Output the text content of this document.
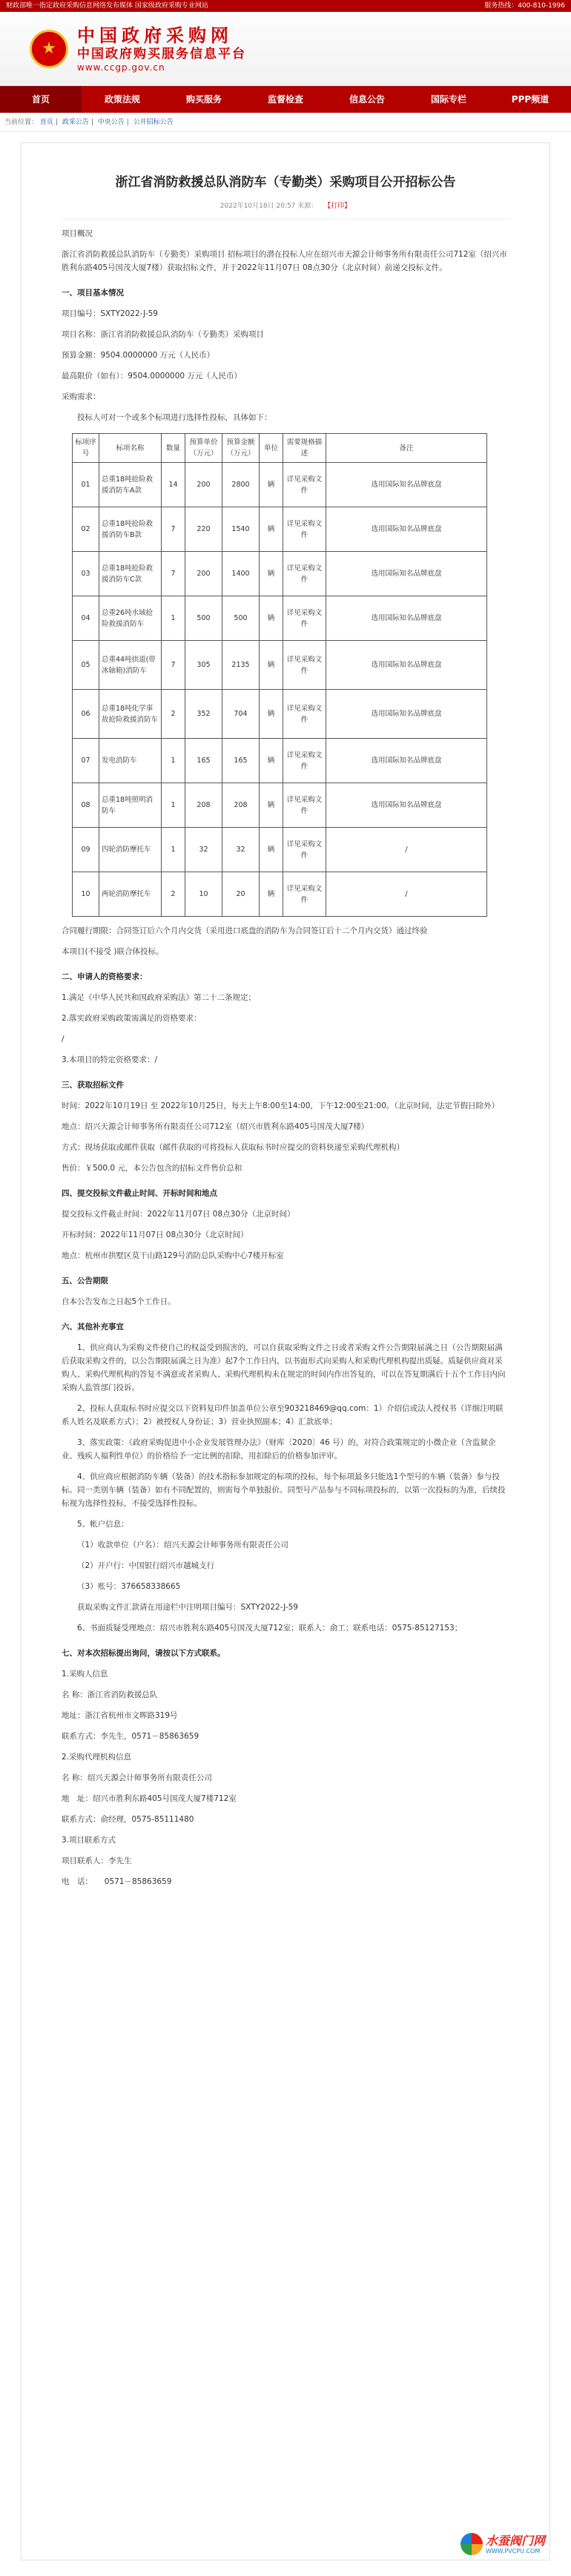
财政部唯一指定政府采购信息网络发布媒体 国家级政府采购专业网站	服务热线：400-810-1996
★
中国政府采购网
中国政府购买服务信息平台
www.ccgp.gov.cn
首页	政策法规	购买服务	监督检查	信息公告	国际专栏	PPP频道
当前位置： 首页 | 政采公告 | 中央公告 | 公开招标公告
浙江省消防救援总队消防车（专勤类）采购项目公开招标公告
2022年10月18日 20:57 来源： 【打印】

项目概况

浙江省消防救援总队消防车（专勤类）采购项目 招标项目的潜在投标人应在绍兴市天源会计师事务所有限责任公司712室（绍兴市胜利东路405号国茂大厦7楼）获取招标文件，并于2022年11月07日 08点30分（北京时间）前递交投标文件。

一、项目基本情况

项目编号：SXTY2022-J-59

项目名称：浙江省消防救援总队消防车（专勤类）采购项目

预算金额：9504.0000000 万元（人民币）

最高限价（如有）：9504.0000000 万元（人民币）

采购需求：

投标人可对一个或多个标项进行选择性投标，具体如下：

标项序号	标项名称	数量	预算单价（万元）	预算金额（万元）	单位	需要规格描述	备注
01	总重18吨抢险救援消防车A款	14	200	2800	辆	详见采购文件	选用国际知名品牌底盘
02	总重18吨抢险救援消防车B款	7	220	1540	辆	详见采购文件	选用国际知名品牌底盘
03	总重18吨抢险救援消防车C款	7	200	1400	辆	详见采购文件	选用国际知名品牌底盘
04	总重26吨水域抢险救援消防车	1	500	500	辆	详见采购文件	选用国际知名品牌底盘
05	总重44吨拱道(带冰轴箱)消防车	7	305	2135	辆	详见采购文件	选用国际知名品牌底盘
06	总重18吨化学事故抢险救援消防车	2	352	704	辆	详见采购文件	选用国际知名品牌底盘
07	发电消防车	1	165	165	辆	详见采购文件	选用国际知名品牌底盘
08	总重18吨照明消防车	1	208	208	辆	详见采购文件	选用国际知名品牌底盘
09	四轮消防摩托车	1	32	32	辆	详见采购文件	/
10	两轮消防摩托车	2	10	20	辆	详见采购文件	/

合同履行期限：合同签订后六个月内交货（采用进口底盘的消防车为合同签订后十二个月内交货）通过终验

本项目(不接受 )联合体投标。

二、申请人的资格要求：

1.满足《中华人民共和国政府采购法》第二十二条规定；

2.落实政府采购政策需满足的资格要求：

/

3.本项目的特定资格要求：/

三、获取招标文件

时间：2022年10月19日 至 2022年10月25日，每天上午8:00至14:00，下午12:00至21:00。（北京时间，法定节假日除外）

地点：绍兴天源会计师事务所有限责任公司712室（绍兴市胜利东路405号国茂大厦7楼）

方式：现场获取或邮件获取（邮件获取的可将投标人获取标书时应提交的资料快递至采购代理机构）

售价：￥500.0 元，本公告包含的招标文件售价总和

四、提交投标文件截止时间、开标时间和地点

提交投标文件截止时间：2022年11月07日 08点30分（北京时间）

开标时间：2022年11月07日 08点30分（北京时间）

地点：杭州市拱墅区莫干山路129号消防总队采购中心7楼开标室

五、公告期限

自本公告发布之日起5个工作日。

六、其他补充事宜

1、供应商认为采购文件使自己的权益受到损害的，可以自获取采购文件之日或者采购文件公告期限届满之日（公告期限届满后获取采购文件的，以公告期限届满之日为准）起7个工作日内，以书面形式向采购人和采购代理机构提出质疑。质疑供应商对采购人、采购代理机构的答复不满意或者采购人、采购代理机构未在规定的时间内作出答复的，可以在答复期满后十五个工作日内向采购人监管部门投诉。

2、投标人获取标书时应提交以下资料复印件加盖单位公章至903218469@qq.com：1）介绍信或法人授权书（详细注明联系人姓名及联系方式）；2）被授权人身份证；3）营业执照副本；4）汇款底单；

3、落实政策：《政府采购促进中小企业发展管理办法》（财库〔2020〕46 号）的，对符合政策规定的小微企业（含监狱企业、残疾人福利性单位）的价格给予一定比例的扣除，用扣除后的价格参加评审。

4、供应商应根据消防车辆（装备）的技术指标参加规定的标项的投标，每个标项最多只能选1个型号的车辆（装备）参与投标。同一类别车辆（装备）如有不同配置的，则需每个单独报价。同型号产品参与不同标项投标的，以第一次投标的为准，后续投标视为选择性投标，不接受选择性投标。

5、帐户信息：

（1）收款单位（户名）：绍兴天源会计师事务所有限责任公司

（2）开户行：中国银行绍兴市越城支行

（3）账号：376658338665

获取采购文件汇款请在用途栏中注明项目编号：SXTY2022-J-59

6、书面质疑受理地点：绍兴市胜利东路405号国茂大厦712室；联系人：俞工；联系电话：0575-85127153；

七、对本次招标提出询问，请按以下方式联系。

1.采购人信息

名 称：浙江省消防救援总队

地址：浙江省杭州市文晖路319号

联系方式：李先生，0571－85863659

2.采购代理机构信息

名 称：绍兴天源会计师事务所有限责任公司

地　址：绍兴市胜利东路405号国茂大厦7楼712室

联系方式：俞经理，0575-85111480

3.项目联系方式

项目联系人：李先生

电　话：　　0571－85863659

水蚕阀门网
WWW.PVCPU.COM
